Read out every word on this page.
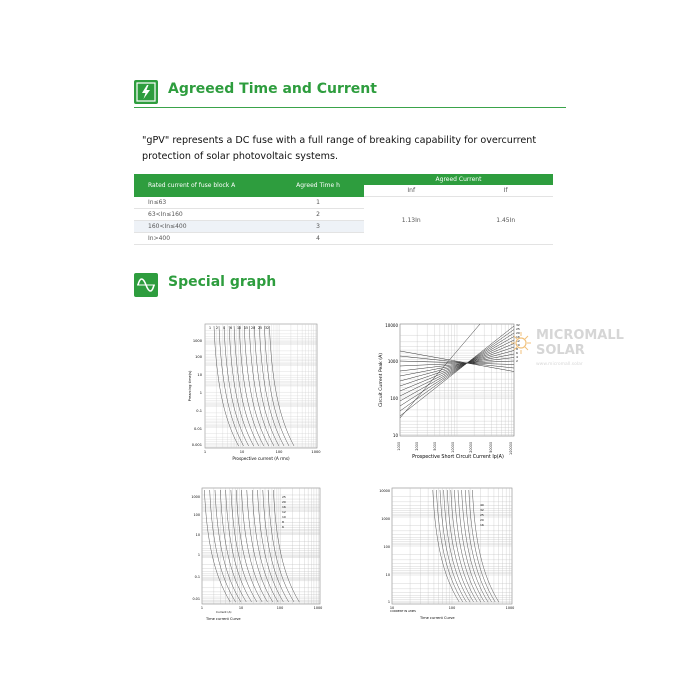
Agreeed Time and Current

"gPV" represents a DC fuse with a full range of breaking capability for overcurrent protection of solar photovoltaic systems.

Rated current of fuse block A	Agreed Time h	Agreed Current	
		Inf	If
In≤63	1	1.13In	1.45In
63<In≤160	2		
160<In≤400	3		
In>400	4		
Special graph
1000
100
10
1
0.1
0.01
0.001
1	10	100	1000
1 2 4 6 10 15 20 25 32
Prearcing time(s)
Prospective current (A rms)
10000
1000
100
10
1000	2000	5000	10000	20000	50000	100000
32
25
20
16
12
10
8
6
4
2
Circuit Current Peak (A)
Prospective Short Circuit Current Ip(A)
MICROMALL
SOLAR
www.micromall.solar
1000
100
10
1
0.1
0.01
1	10	100	1000
25
20
16
12
10
8
6
Current (A)
Time current Curve
10000
1000
100
10
1
10	100	1000
40
32
25
20
16
CURRENT IN AMPS
Time current Curve
